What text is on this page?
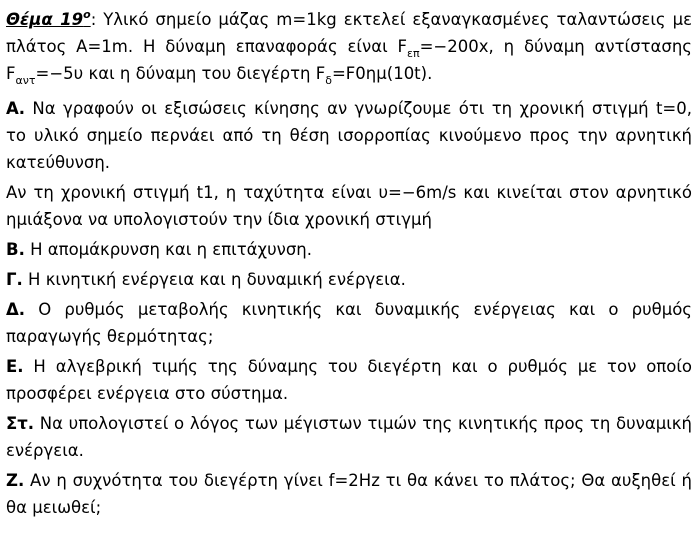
Θέμα $19^o$: Υλικό σημείο μάζας m=1kg εκτελεί εξαναγκασμένες ταλαντώσεις με πλάτος Α=1m. Η δύναμη επαναφοράς είναι $F_{\varepsilon\pi}=-200x$, η δύναμη αντίστασης $F_{\alpha\nu\tau}=-5\upsilon$ και η δύναμη του διεγέρτη $F_\delta=F0\eta\mu(10t)$.

Α. Να γραφούν οι εξισώσεις κίνησης αν γνωρίζουμε ότι τη χρονική στιγμή t=0, το υλικό σημείο περνάει από τη θέση ισορροπίας κινούμενο προς την αρνητική κατεύθυνση.

Αν τη χρονική στιγμή t1, η ταχύτητα είναι υ=−6m/s και κινείται στον αρνητικό ημιάξονα να υπολογιστούν την ίδια χρονική στιγμή

Β. Η απομάκρυνση και η επιτάχυνση.

Γ. Η κινητική ενέργεια και η δυναμική ενέργεια.

Δ. Ο ρυθμός μεταβολής κινητικής και δυναμικής ενέργειας και ο ρυθμός παραγωγής θερμότητας;

Ε. Η αλγεβρική τιμής της δύναμης του διεγέρτη και ο ρυθμός με τον οποίο προσφέρει ενέργεια στο σύστημα.

Στ. Να υπολογιστεί ο λόγος των μέγιστων τιμών της κινητικής προς τη δυναμική ενέργεια.

Ζ. Αν η συχνότητα του διεγέρτη γίνει f=2Hz τι θα κάνει το πλάτος; Θα αυξηθεί ή θα μειωθεί;
